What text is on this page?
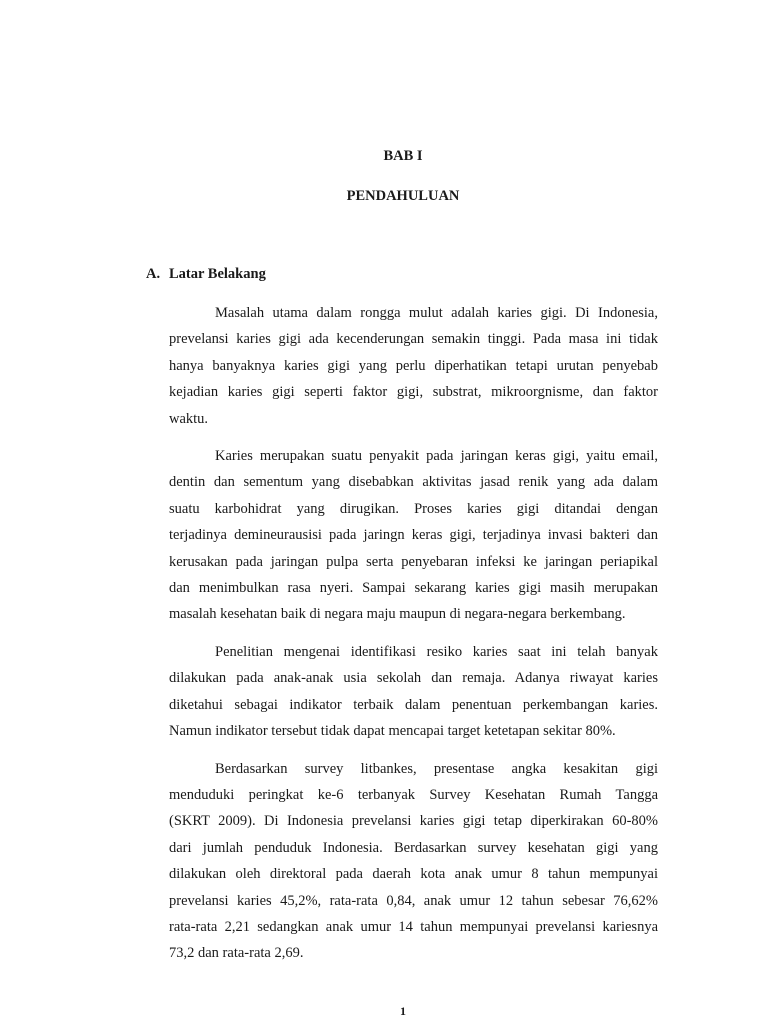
BAB I
PENDAHULUAN
A. Latar Belakang
Masalah utama dalam rongga mulut adalah karies gigi. Di Indonesia,
prevelansi karies gigi ada kecenderungan semakin tinggi. Pada masa ini tidak
hanya banyaknya karies gigi yang perlu diperhatikan tetapi urutan penyebab
kejadian karies gigi seperti faktor gigi, substrat, mikroorgnisme, dan faktor
waktu.
Karies merupakan suatu penyakit pada jaringan keras gigi, yaitu email,
dentin dan sementum yang disebabkan aktivitas jasad renik yang ada dalam
suatu karbohidrat yang dirugikan. Proses karies gigi ditandai dengan
terjadinya demineurausisi pada jaringn keras gigi, terjadinya invasi bakteri dan
kerusakan pada jaringan pulpa serta penyebaran infeksi ke jaringan periapikal
dan menimbulkan rasa nyeri. Sampai sekarang karies gigi masih merupakan
masalah kesehatan baik di negara maju maupun di negara-negara berkembang.
Penelitian mengenai identifikasi resiko karies saat ini telah banyak
dilakukan pada anak-anak usia sekolah dan remaja. Adanya riwayat karies
diketahui sebagai indikator terbaik dalam penentuan perkembangan karies.
Namun indikator tersebut tidak dapat mencapai target ketetapan sekitar 80%.
Berdasarkan survey litbankes, presentase angka kesakitan gigi
menduduki peringkat ke-6 terbanyak Survey Kesehatan Rumah Tangga
(SKRT 2009). Di Indonesia prevelansi karies gigi tetap diperkirakan 60-80%
dari jumlah penduduk Indonesia. Berdasarkan survey kesehatan gigi yang
dilakukan oleh direktoral pada daerah kota anak umur 8 tahun mempunyai
prevelansi karies 45,2%, rata-rata 0,84, anak umur 12 tahun sebesar 76,62%
rata-rata 2,21 sedangkan anak umur 14 tahun mempunyai prevelansi kariesnya
73,2 dan rata-rata 2,69.
1
